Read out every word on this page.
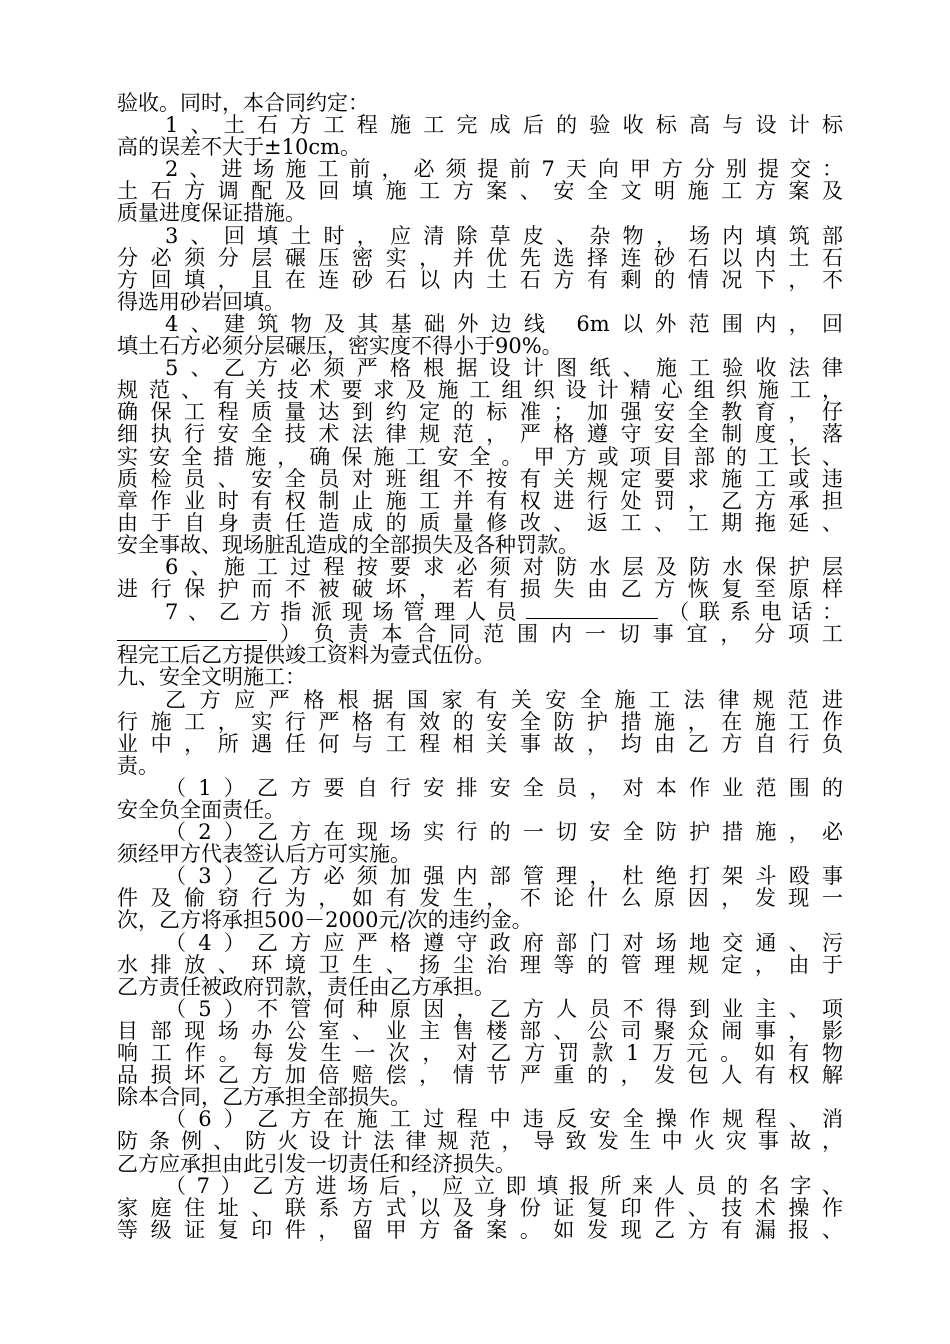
验收。同时，本合同约定：
1、土石方工程施工完成后的验收标高与设计标
高的误差不大于±10cm。
2、进场施工前，必须提前7天向甲方分别提交：
土石方调配及回填施工方案、安全文明施工方案及
质量进度保证措施。
3、回填土时，应清除草皮、杂物，场内填筑部
分必须分层碾压密实，并优先选择连砂石以内土石
方回填，且在连砂石以内土石方有剩的情况下，不
得选用砂岩回填。
4、建筑物及其基础外边线 6m以外范围内，回
填土石方必须分层碾压，密实度不得小于90%。
5、乙方必须严格根据设计图纸、施工验收法律
规范、有关技术要求及施工组织设计精心组织施工，
确保工程质量达到约定的标准；加强安全教育，仔
细执行安全技术法律规范，严格遵守安全制度，落
实安全措施，确保施工安全。甲方或项目部的工长、
质检员、安全员对班组不按有关规定要求施工或违
章作业时有权制止施工并有权进行处罚，乙方承担
由于自身责任造成的质量修改、返工、工期拖延、
安全事故、现场脏乱造成的全部损失及各种罚款。
6、施工过程按要求必须对防水层及防水保护层
进行保护而不被破坏，若有损失由乙方恢复至原样
7、乙方指派现场管理人员	（联系电话：
）负责本合同范围内一切事宜，分项工
程完工后乙方提供竣工资料为壹式伍份。
九、安全文明施工：
乙方应严格根据国家有关安全施工法律规范进
行施工，实行严格有效的安全防护措施，在施工作
业中，所遇任何与工程相关事故，均由乙方自行负
责。
（1）乙方要自行安排安全员，对本作业范围的
安全负全面责任。
（2）乙方在现场实行的一切安全防护措施，必
须经甲方代表签认后方可实施。
（3）乙方必须加强内部管理，杜绝打架斗殴事
件及偷窃行为，如有发生，不论什么原因，发现一
次，乙方将承担500－2000元/次的违约金。
（4）乙方应严格遵守政府部门对场地交通、污
水排放、环境卫生、扬尘治理等的管理规定，由于
乙方责任被政府罚款，责任由乙方承担。
（5）不管何种原因，乙方人员不得到业主、项
目部现场办公室、业主售楼部、公司聚众闹事，影
响工作。每发生一次，对乙方罚款1万元。如有物
品损坏乙方加倍赔偿，情节严重的，发包人有权解
除本合同，乙方承担全部损失。
（6）乙方在施工过程中违反安全操作规程、消
防条例、防火设计法律规范，导致发生中火灾事故，
乙方应承担由此引发一切责任和经济损失。
（7）乙方进场后，应立即填报所来人员的名字、
家庭住址、联系方式以及身份证复印件、技术操作
等级证复印件，留甲方备案。如发现乙方有漏报、
